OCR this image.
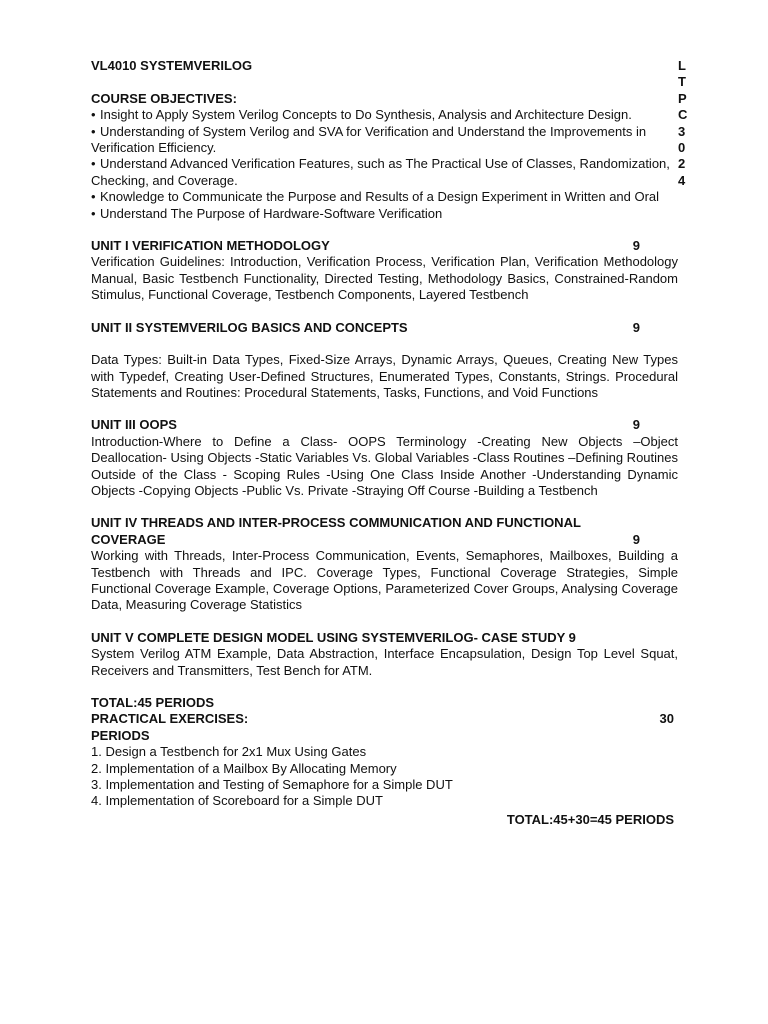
VL4010 SYSTEMVERILOG	L T P C
3 0 2 4

COURSE OBJECTIVES:

• Insight to Apply System Verilog Concepts to Do Synthesis, Analysis and Architecture Design.

• Understanding of System Verilog and SVA for Verification and Understand the Improvements in Verification Efficiency.

• Understand Advanced Verification Features, such as The Practical Use of Classes, Randomization, Checking, and Coverage.

• Knowledge to Communicate the Purpose and Results of a Design Experiment in Written and Oral

• Understand The Purpose of Hardware-Software Verification

UNIT I VERIFICATION METHODOLOGY	9

Verification Guidelines: Introduction, Verification Process, Verification Plan, Verification Methodology Manual, Basic Testbench Functionality, Directed Testing, Methodology Basics, Constrained-Random Stimulus, Functional Coverage, Testbench Components, Layered Testbench

UNIT II SYSTEMVERILOG BASICS AND CONCEPTS	9

Data Types: Built-in Data Types, Fixed-Size Arrays, Dynamic Arrays, Queues, Creating New Types with Typedef, Creating User-Defined Structures, Enumerated Types, Constants, Strings. Procedural Statements and Routines: Procedural Statements, Tasks, Functions, and Void Functions

UNIT III OOPS	9

Introduction-Where to Define a Class- OOPS Terminology -Creating New Objects –Object Deallocation- Using Objects -Static Variables Vs. Global Variables -Class Routines –Defining Routines Outside of the Class - Scoping Rules -Using One Class Inside Another -Understanding Dynamic Objects -Copying Objects -Public Vs. Private -Straying Off Course -Building a Testbench

UNIT IV THREADS AND INTER-PROCESS COMMUNICATION AND FUNCTIONAL

COVERAGE	9

Working with Threads, Inter-Process Communication, Events, Semaphores, Mailboxes, Building a Testbench with Threads and IPC. Coverage Types, Functional Coverage Strategies, Simple Functional Coverage Example, Coverage Options, Parameterized Cover Groups, Analysing Coverage Data, Measuring Coverage Statistics

UNIT V COMPLETE DESIGN MODEL USING SYSTEMVERILOG- CASE STUDY 9

System Verilog ATM Example, Data Abstraction, Interface Encapsulation, Design Top Level Squat, Receivers and Transmitters, Test Bench for ATM.

TOTAL:45 PERIODS

PRACTICAL EXERCISES:	30

PERIODS

1. Design a Testbench for 2x1 Mux Using Gates

2. Implementation of a Mailbox By Allocating Memory

3. Implementation and Testing of Semaphore for a Simple DUT

4. Implementation of Scoreboard for a Simple DUT

TOTAL:45+30=45 PERIODS
